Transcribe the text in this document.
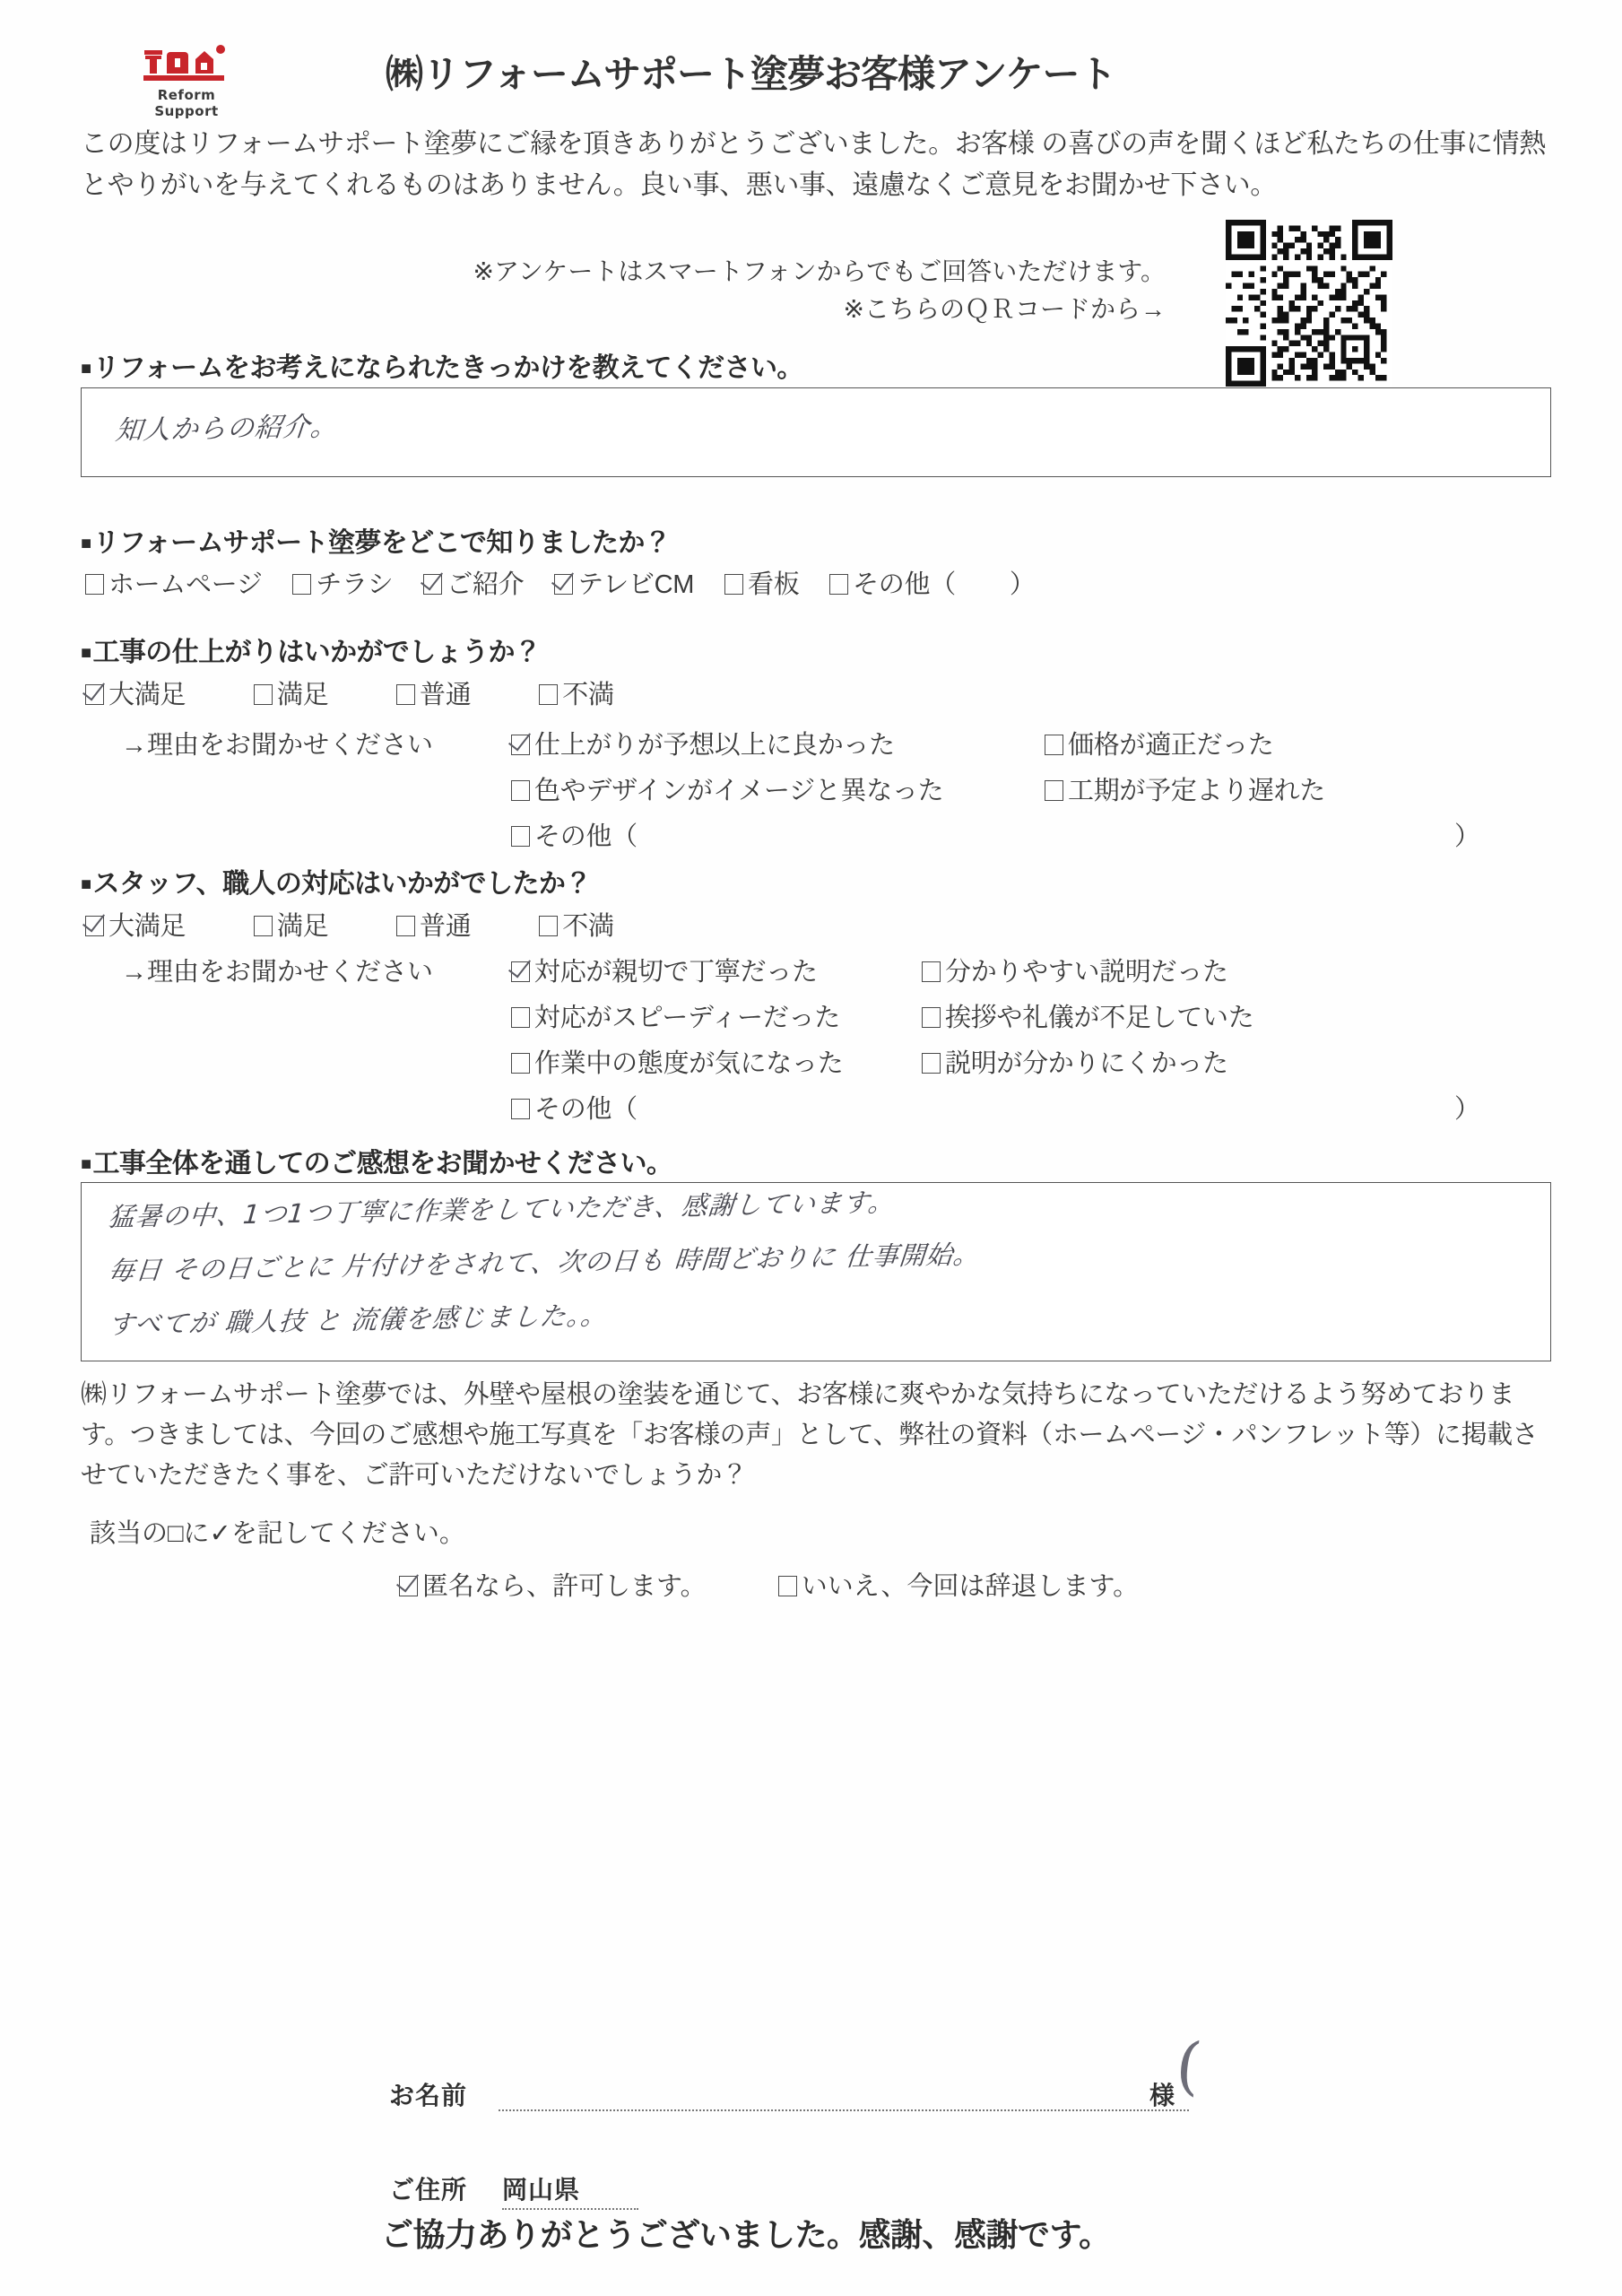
Reform Support
㈱リフォームサポート塗夢お客様アンケート
この度はリフォームサポート塗夢にご縁を頂きありがとうございました。お客様 の喜びの声を聞くほど私たちの仕事に情熱とやりがいを与えてくれるものはありません。良い事、悪い事、遠慮なくご意見をお聞かせ下さい。
※アンケートはスマートフォンからでもご回答いただけます。
※こちらのＱＲコードから→
■ リフォームをお考えになられたきっかけを教えてください。
知人からの紹介。
■ リフォームサポート塗夢をどこで知りましたか？
ホームページ チラシ ご紹介 テレビCM 看板 その他（ ）
■ 工事の仕上がりはいかがでしょうか？
大満足	満足	普通	不満
→理由をお聞かせください	仕上がりが予想以上に良かった	価格が適正だった
色やデザインがイメージと異なった	工期が予定より遅れた
その他（	）
■ スタッフ、職人の対応はいかがでしたか？
大満足	満足	普通	不満
→理由をお聞かせください	対応が親切で丁寧だった	分かりやすい説明だった
対応がスピーディーだった	挨拶や礼儀が不足していた
作業中の態度が気になった	説明が分かりにくかった
その他（	）
■ 工事全体を通してのご感想をお聞かせください。
猛暑の中、1つ1つ丁寧に作業をしていただき、感謝しています。
毎日 その日ごとに 片付けをされて、次の日も 時間どおりに 仕事開始。
すべてが 職人技 と 流儀を感じました。。
㈱リフォームサポート塗夢では、外壁や屋根の塗装を通じて、お客様に爽やかな気持ちになっていただけるよう努めております。つきましては、今回のご感想や施工写真を「お客様の声」として、弊社の資料（ホームページ・パンフレット等）に掲載させていただきたく事を、ご許可いただけないでしょうか？
該当の□に✓を記してください。
匿名なら、許可します。	いいえ、今回は辞退します。
お名前	様
(
ご住所 岡山県
ご協力ありがとうございました。感謝、感謝です。
